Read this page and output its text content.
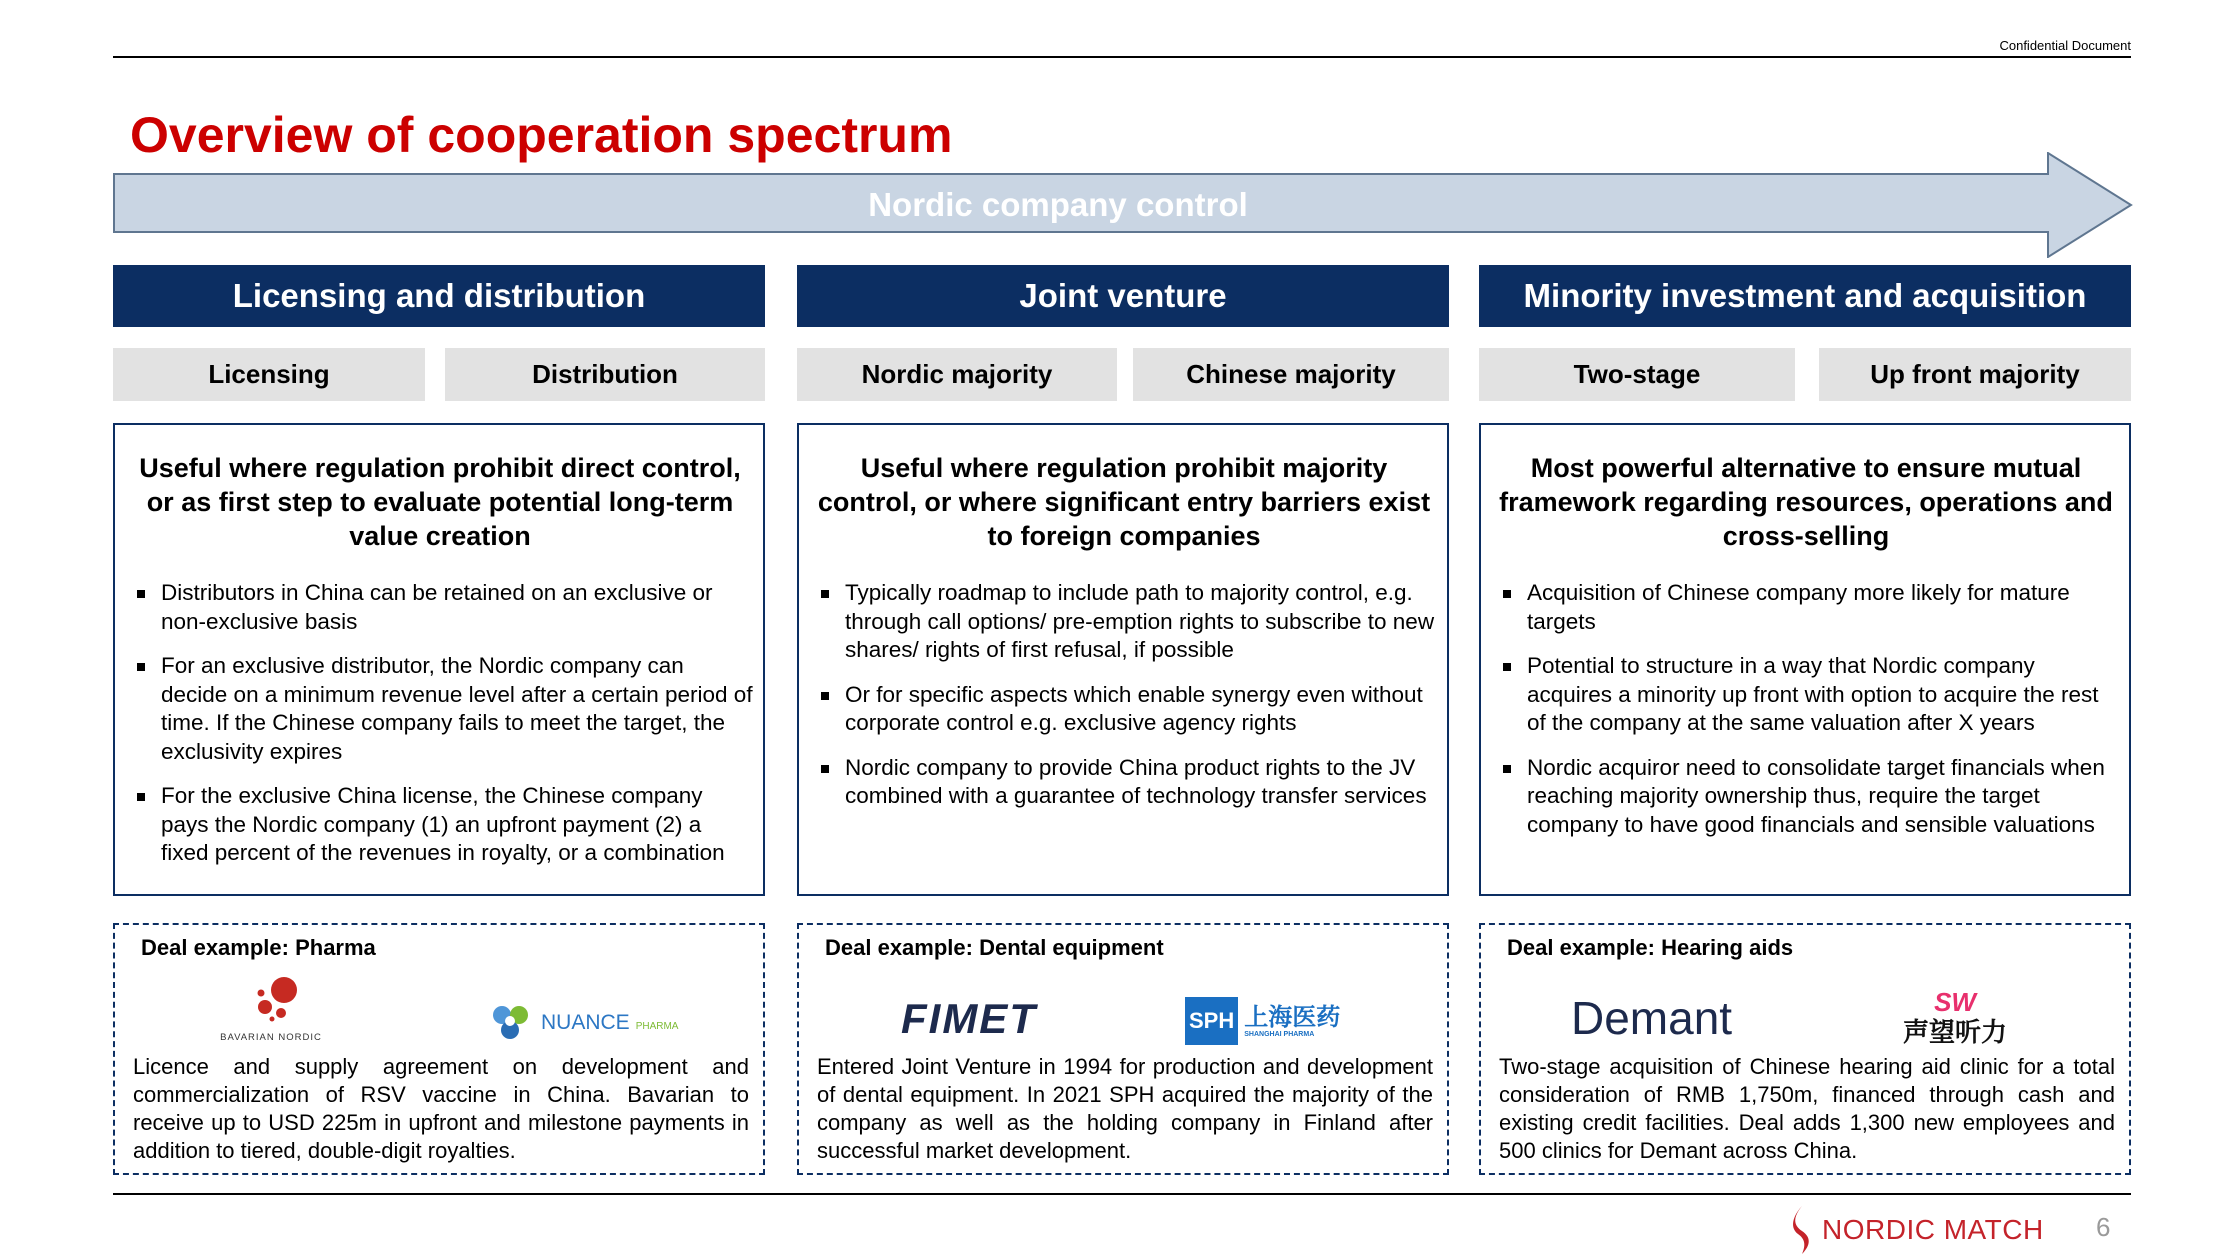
Confidential Document
Overview of cooperation spectrum
Nordic company control
Licensing and distribution
Licensing	Distribution
Useful where regulation prohibit direct control, or as first step to evaluate potential long-term value creation
Distributors in China can be retained on an exclusive or non-exclusive basis
For an exclusive distributor, the Nordic company can decide on a minimum revenue level after a certain period of time. If the Chinese company fails to meet the target, the exclusivity expires
For the exclusive China license, the Chinese company pays the Nordic company (1) an upfront payment (2) a fixed percent of the revenues in royalty, or a combination
Deal example: Pharma
BAVARIAN NORDIC
NUANCE PHARMA
Licence and supply agreement on development and commercialization of RSV vaccine in China. Bavarian to receive up to USD 225m in upfront and milestone payments in addition to tiered, double-digit royalties.
Joint venture
Nordic majority	Chinese majority
Useful where regulation prohibit majority control, or where significant entry barriers exist to foreign companies
Typically roadmap to include path to majority control, e.g. through call options/ pre-emption rights to subscribe to new shares/ rights of first refusal, if possible
Or for specific aspects which enable synergy even without corporate control e.g. exclusive agency rights
Nordic company to provide China product rights to the JV combined with a guarantee of technology transfer services
Deal example: Dental equipment
FIMET	SPH 上海医药
SHANGHAI PHARMA
Entered Joint Venture in 1994 for production and development of dental equipment. In 2021 SPH acquired the majority of the company as well as the holding company in Finland after successful market development.
Minority investment and acquisition
Two-stage	Up front majority
Most powerful alternative to ensure mutual framework regarding resources, operations and cross-selling
Acquisition of Chinese company more likely for mature targets
Potential to structure in a way that Nordic company acquires a minority up front with option to acquire the rest of the company at the same valuation after X years
Nordic acquiror need to consolidate target financials when reaching majority ownership thus, require the target company to have good financials and sensible valuations
Deal example: Hearing aids
Demant	SW
声望听力
Two-stage acquisition of Chinese hearing aid clinic for a total consideration of RMB 1,750m, financed through cash and existing credit facilities. Deal adds 1,300 new employees and 500 clinics for Demant across China.
NORDIC MATCH 6
